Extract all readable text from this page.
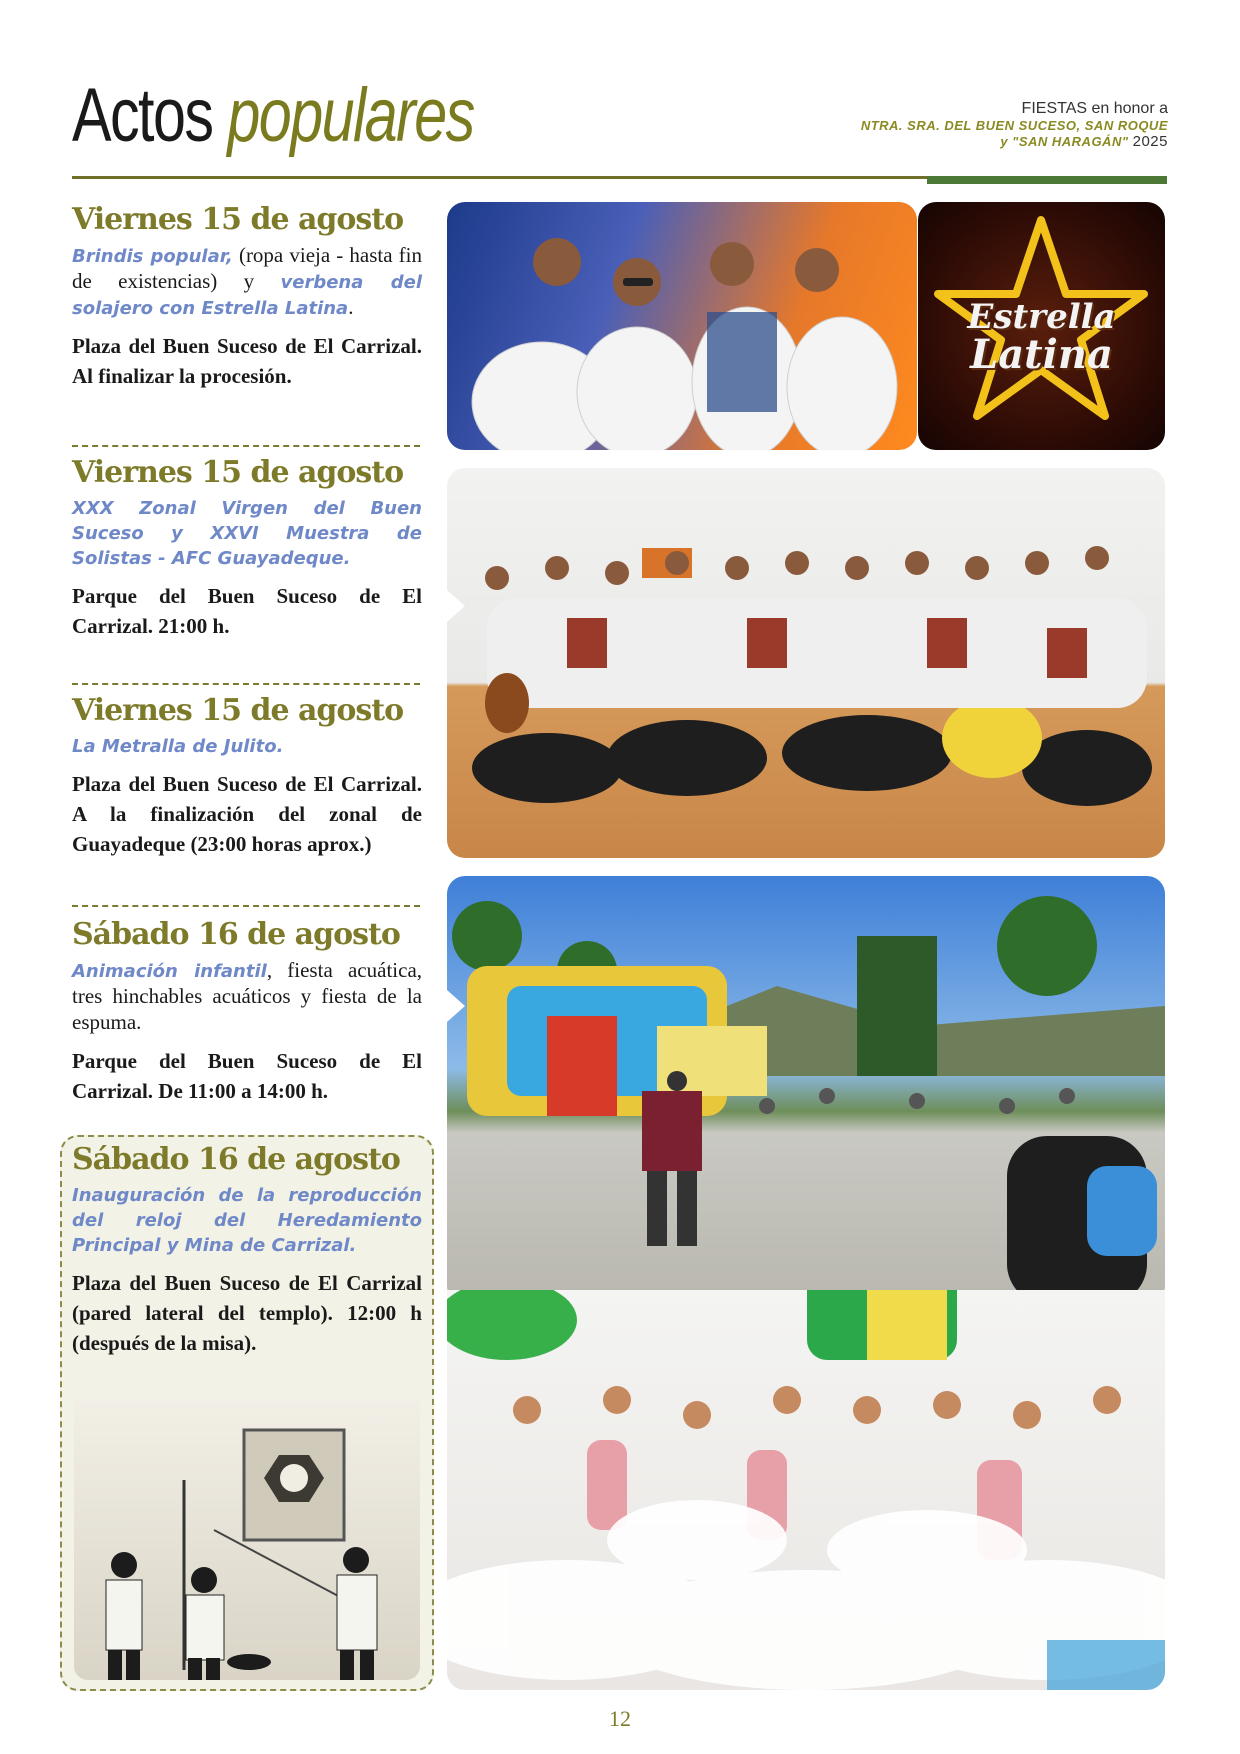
Actos populares	FIESTAS en honor a
NTRA. SRA. DEL BUEN SUCESO, SAN ROQUE
y "SAN HARAGÁN" 2025
Viernes 15 de agosto
Brindis popular, (ropa vieja - hasta fin de existencias) y verbena del solajero con Estrella Latina.
Plaza del Buen Suceso de El Carrizal. Al finalizar la procesión.
Viernes 15 de agosto
XXX Zonal Virgen del Buen Suceso y XXVI Muestra de Solistas - AFC Guayadeque.
Parque del Buen Suceso de El Carrizal. 21:00 h.
Viernes 15 de agosto
La Metralla de Julito.
Plaza del Buen Suceso de El Carrizal. A la finalización del zonal de Guayadeque (23:00 horas aprox.)
Sábado 16 de agosto
Animación infantil, fiesta acuática, tres hinchables acuáticos y fiesta de la espuma.
Parque del Buen Suceso de El Carrizal. De 11:00 a 14:00 h.
Sábado 16 de agosto
Inauguración de la reproducción del reloj del Heredamiento Principal y Mina de Carrizal.
Plaza del Buen Suceso de El Carrizal (pared lateral del templo). 12:00 h (después de la misa).
Estrella
Latina
12
